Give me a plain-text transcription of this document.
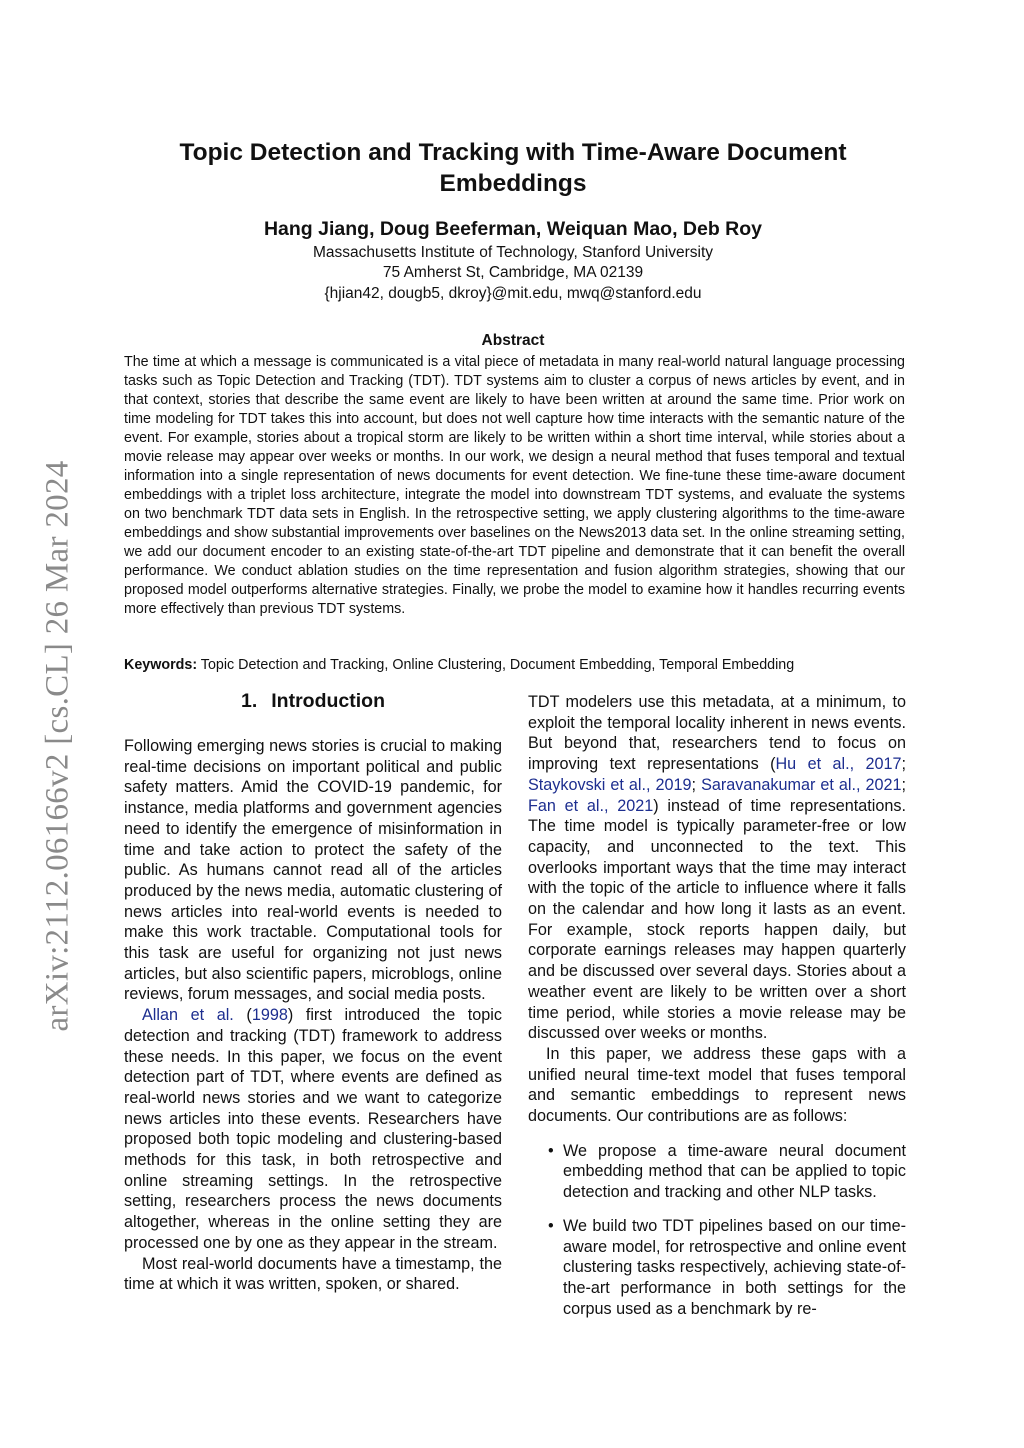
arXiv:2112.06166v2 [cs.CL] 26 Mar 2024
Topic Detection and Tracking with Time-Aware Document
Embeddings
Hang Jiang, Doug Beeferman, Weiquan Mao, Deb Roy
Massachusetts Institute of Technology, Stanford University
75 Amherst St, Cambridge, MA 02139
{hjian42, dougb5, dkroy}@mit.edu, mwq@stanford.edu
Abstract

The time at which a message is communicated is a vital piece of metadata in many real-world natural language processing tasks such as Topic Detection and Tracking (TDT). TDT systems aim to cluster a corpus of news articles by event, and in that context, stories that describe the same event are likely to have been written at around the same time. Prior work on time modeling for TDT takes this into account, but does not well capture how time interacts with the semantic nature of the event. For example, stories about a tropical storm are likely to be written within a short time interval, while stories about a movie release may appear over weeks or months. In our work, we design a neural method that fuses temporal and textual information into a single representation of news documents for event detection. We fine-tune these time-aware document embeddings with a triplet loss architecture, integrate the model into downstream TDT systems, and evaluate the systems on two benchmark TDT data sets in English. In the retrospective setting, we apply clustering algorithms to the time-aware embeddings and show substantial improvements over baselines on the News2013 data set. In the online streaming setting, we add our document encoder to an existing state-of-the-art TDT pipeline and demonstrate that it can benefit the overall performance. We conduct ablation studies on the time representation and fusion algorithm strategies, showing that our proposed model outperforms alternative strategies. Finally, we probe the model to examine how it handles recurring events more effectively than previous TDT systems.

Keywords: Topic Detection and Tracking, Online Clustering, Document Embedding, Temporal Embedding

1. Introduction

Following emerging news stories is crucial to making real-time decisions on important political and public safety matters. Amid the COVID-19 pandemic, for instance, media platforms and government agencies need to identify the emergence of misinformation in time and take action to protect the safety of the public. As humans cannot read all of the articles produced by the news media, automatic clustering of news articles into real-world events is needed to make this work tractable. Computational tools for this task are useful for organizing not just news articles, but also scientific papers, microblogs, online reviews, forum messages, and social media posts.

Allan et al. (1998) first introduced the topic detection and tracking (TDT) framework to address these needs. In this paper, we focus on the event detection part of TDT, where events are defined as real-world news stories and we want to categorize news articles into these events. Researchers have proposed both topic modeling and clustering-based methods for this task, in both retrospective and online streaming settings. In the retrospective setting, researchers process the news documents altogether, whereas in the online setting they are processed one by one as they appear in the stream.

Most real-world documents have a timestamp, the time at which it was written, spoken, or shared.

TDT modelers use this metadata, at a minimum, to exploit the temporal locality inherent in news events. But beyond that, researchers tend to focus on improving text representations (Hu et al., 2017; Staykovski et al., 2019; Saravanakumar et al., 2021; Fan et al., 2021) instead of time representations. The time model is typically parameter-free or low capacity, and unconnected to the text. This overlooks important ways that the time may interact with the topic of the article to influence where it falls on the calendar and how long it lasts as an event. For example, stock reports happen daily, but corporate earnings releases may happen quarterly and be discussed over several days. Stories about a weather event are likely to be written over a short time period, while stories a movie release may be discussed over weeks or months.

In this paper, we address these gaps with a unified neural time-text model that fuses temporal and semantic embeddings to represent news documents. Our contributions are as follows:

• We propose a time-aware neural document embedding method that can be applied to topic detection and tracking and other NLP tasks.

• We build two TDT pipelines based on our time-aware model, for retrospective and online event clustering tasks respectively, achieving state-of-the-art performance in both settings for the corpus used as a benchmark by re-
